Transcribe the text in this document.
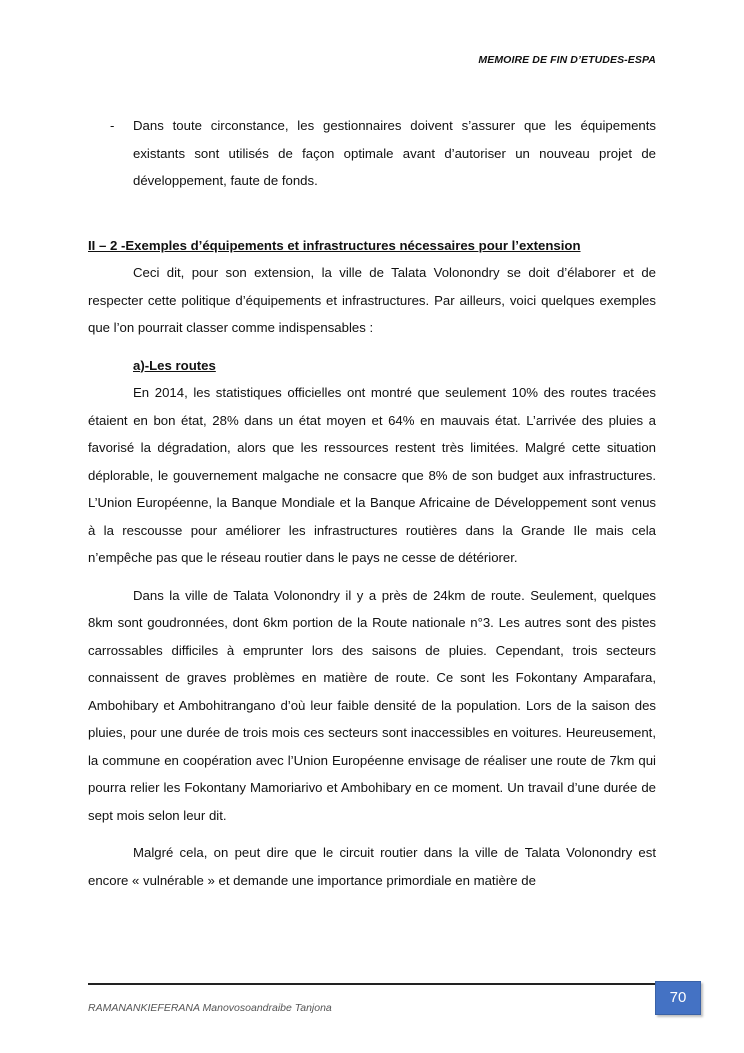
MEMOIRE DE FIN D’ETUDES-ESPA

- Dans toute circonstance, les gestionnaires doivent s’assurer que les équipements existants sont utilisés de façon optimale avant d’autoriser un nouveau projet de développement, faute de fonds.

II – 2 -Exemples d’équipements et infrastructures nécessaires pour l’extension

Ceci dit, pour son extension, la ville de Talata Volonondry se doit d’élaborer et de respecter cette politique d’équipements et infrastructures. Par ailleurs, voici quelques exemples que l’on pourrait classer comme indispensables :

a)-Les routes

En 2014, les statistiques officielles ont montré que seulement 10% des routes tracées étaient en bon état, 28% dans un état moyen et 64% en mauvais état. L’arrivée des pluies a favorisé la dégradation, alors que les ressources restent très limitées. Malgré cette situation déplorable, le gouvernement malgache ne consacre que 8% de son budget aux infrastructures. L’Union Européenne, la Banque Mondiale et la Banque Africaine de Développement sont venus à la rescousse pour améliorer les infrastructures routières dans la Grande Ile mais cela n’empêche pas que le réseau routier dans le pays ne cesse de détériorer.

Dans la ville de Talata Volonondry il y a près de 24km de route. Seulement, quelques 8km sont goudronnées, dont 6km portion de la Route nationale n°3. Les autres sont des pistes carrossables difficiles à emprunter lors des saisons de pluies. Cependant, trois secteurs connaissent de graves problèmes en matière de route. Ce sont les Fokontany Amparafara, Ambohibary et Ambohitrangano d’où leur faible densité de la population. Lors de la saison des pluies, pour une durée de trois mois ces secteurs sont inaccessibles en voitures. Heureusement, la commune en coopération avec l’Union Européenne envisage de réaliser une route de 7km qui pourra relier les Fokontany Mamoriarivo et Ambohibary en ce moment. Un travail d’une durée de sept mois selon leur dit.

Malgré cela, on peut dire que le circuit routier dans la ville de Talata Volonondry est encore « vulnérable » et demande une importance primordiale en matière de

RAMANANKIEFERANA Manovosoandraibe Tanjona
70
